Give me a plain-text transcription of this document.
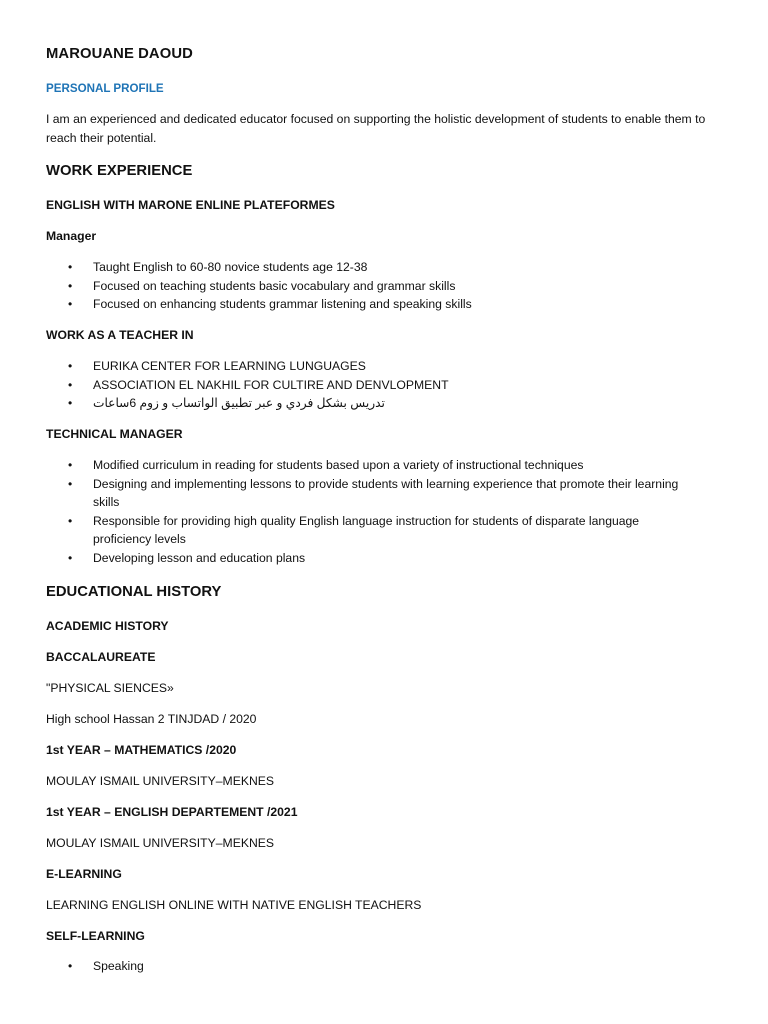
MAROUANE DAOUD
PERSONAL PROFILE
I am an experienced and dedicated educator focused on supporting the holistic development of students to enable them to reach their potential.
WORK EXPERIENCE
ENGLISH WITH MARONE ENLINE PLATEFORMES
Manager
• Taught English to 60-80 novice students age 12-38
• Focused on teaching students basic vocabulary and grammar skills
• Focused on enhancing students grammar listening and speaking skills
WORK AS A TEACHER IN
• EURIKA CENTER FOR LEARNING LUNGUAGES
• ASSOCIATION EL NAKHIL FOR CULTIRE AND DENVLOPMENT
• تدريس بشكل فردي و عبر تطبيق الواتساب و زوم 6ساعات
TECHNICAL MANAGER
• Modified curriculum in reading for students based upon a variety of instructional techniques
• Designing and implementing lessons to provide students with learning experience that promote their learning skills
• Responsible for providing high quality English language instruction for students of disparate language proficiency levels
• Developing lesson and education plans
EDUCATIONAL HISTORY
ACADEMIC HISTORY
BACCALAUREATE
"PHYSICAL SIENCES»
High school Hassan 2 TINJDAD / 2020
1st YEAR – MATHEMATICS /2020
MOULAY ISMAIL UNIVERSITY–MEKNES
1st YEAR – ENGLISH DEPARTEMENT /2021
MOULAY ISMAIL UNIVERSITY–MEKNES
E-LEARNING
LEARNING ENGLISH ONLINE WITH NATIVE ENGLISH TEACHERS
SELF-LEARNING
• Speaking
